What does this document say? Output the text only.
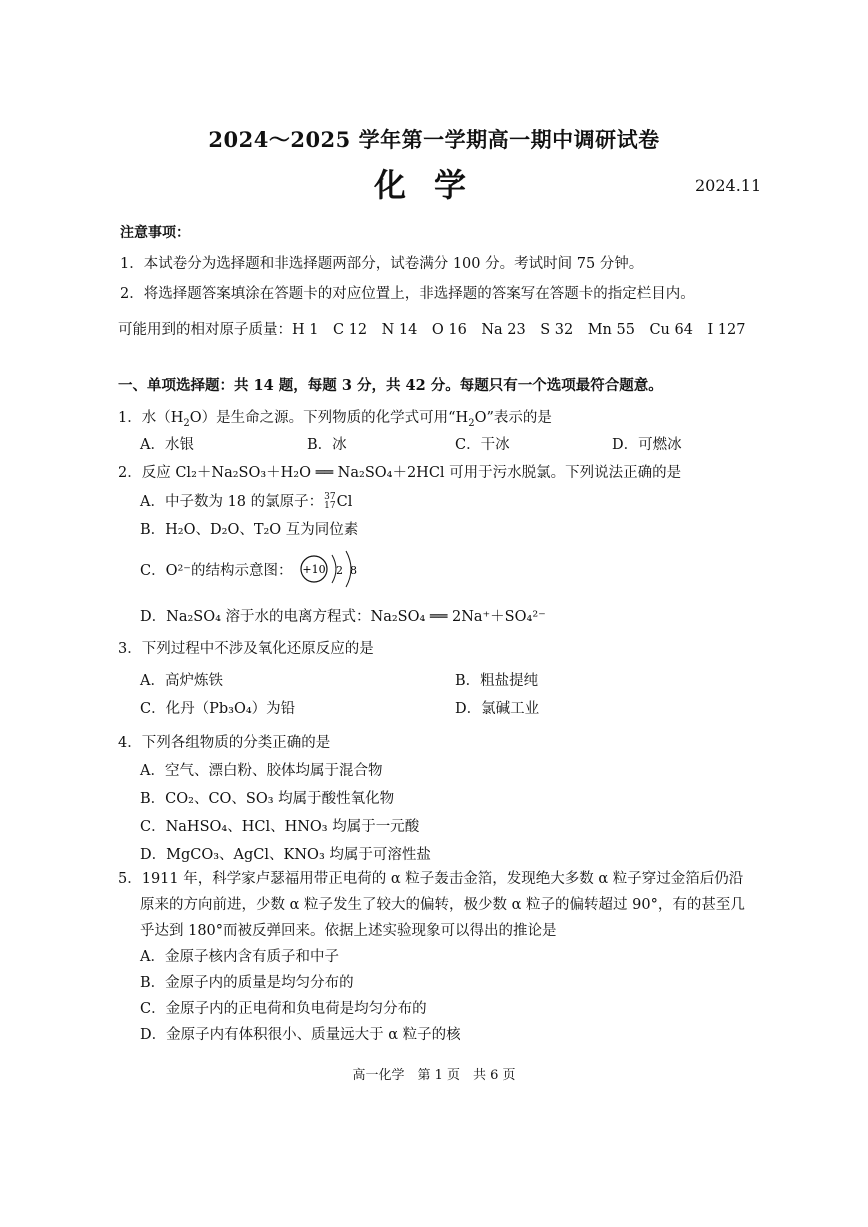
2024～2025 学年第一学期高一期中调研试卷
化学	2024.11
注意事项：
1．本试卷分为选择题和非选择题两部分，试卷满分 100 分。考试时间 75 分钟。
2．将选择题答案填涂在答题卡的对应位置上，非选择题的答案写在答题卡的指定栏目内。
可能用到的相对原子质量：H 1　C 12　N 14　O 16　Na 23　S 32　Mn 55　Cu 64　I 127
一、单项选择题：共 14 题，每题 3 分，共 42 分。每题只有一个选项最符合题意。
1．水$(H_2O)$是生命之源。下列物质的化学式可用“$H_2O$”表示的是
A．水银	B．冰	C．干冰	D．可燃冰
2．反应 Cl₂＋Na₂SO₃＋H₂O ══ Na₂SO₄＋2HCl 可用于污水脱氯。下列说法正确的是
A．中子数为 18 的氯原子：37
17Cl
B．H₂O、D₂O、T₂O 互为同位素
C．O²⁻的结构示意图： +10 2 8
D．Na₂SO₄ 溶于水的电离方程式：Na₂SO₄ ══ 2Na⁺＋SO₄²⁻
3．下列过程中不涉及氧化还原反应的是
A．高炉炼铁	B．粗盐提纯
C．化丹（Pb₃O₄）为铅	D．氯碱工业
4．下列各组物质的分类正确的是
A．空气、漂白粉、胶体均属于混合物
B．CO₂、CO、SO₃ 均属于酸性氧化物
C．NaHSO₄、HCl、HNO₃ 均属于一元酸
D．MgCO₃、AgCl、KNO₃ 均属于可溶性盐
5．1911 年，科学家卢瑟福用带正电荷的 α 粒子轰击金箔，发现绝大多数 α 粒子穿过金箔后仍沿
原来的方向前进，少数 α 粒子发生了较大的偏转，极少数 α 粒子的偏转超过 90°，有的甚至几
乎达到 180°而被反弹回来。依据上述实验现象可以得出的推论是
A．金原子核内含有质子和中子
B．金原子内的质量是均匀分布的
C．金原子内的正电荷和负电荷是均匀分布的
D．金原子内有体积很小、质量远大于 α 粒子的核
高一化学　第 1 页　共 6 页
